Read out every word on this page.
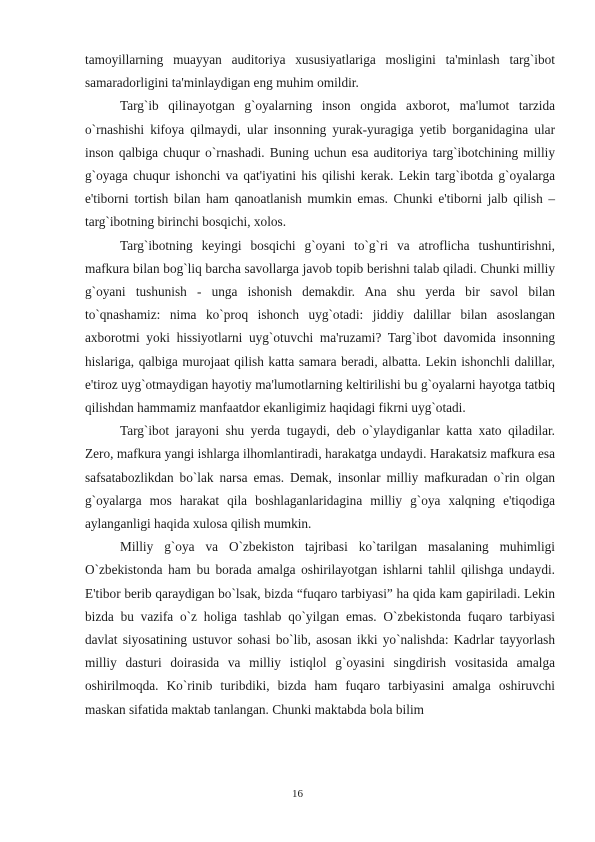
tamoyillarning muayyan auditoriya xususiyatlariga mosligini ta'minlash targ`ibot samaradorligini ta'minlaydigan eng muhim omildir.

Targ`ib qilinayotgan g`oyalarning inson ongida axborot, ma'lumot tarzida o`rnashishi kifoya qilmaydi, ular insonning yurak-yuragiga yetib borganidagina ular inson qalbiga chuqur o`rnashadi. Buning uchun esa auditoriya targ`ibotchining milliy g`oyaga chuqur ishonchi va qat'iyatini his qilishi kerak. Lekin targ`ibotda g`oyalarga e'tiborni tortish bilan ham qanoatlanish mumkin emas. Chunki e'tiborni jalb qilish – targ`ibotning birinchi bosqichi, xolos.

Targ`ibotning keyingi bosqichi g`oyani to`g`ri va atroflicha tushuntirishni, mafkura bilan bog`liq barcha savollarga javob topib berishni talab qiladi. Chunki milliy g`oyani tushunish - unga ishonish demakdir. Ana shu yerda bir savol bilan to`qnashamiz: nima ko`proq ishonch uyg`otadi: jiddiy dalillar bilan asoslangan axborotmi yoki hissiyotlarni uyg`otuvchi ma'ruzami? Targ`ibot davomida insonning hislariga, qalbiga murojaat qilish katta samara beradi, albatta. Lekin ishonchli dalillar, e'tiroz uyg`otmaydigan hayotiy ma'lumotlarning keltirilishi bu g`oyalarni hayotga tatbiq qilishdan hammamiz manfaatdor ekanligimiz haqidagi fikrni uyg`otadi.

Targ`ibot jarayoni shu yerda tugaydi, deb o`ylaydiganlar katta xato qiladilar. Zero, mafkura yangi ishlarga ilhomlantiradi, harakatga undaydi. Harakatsiz mafkura esa safsatabozlikdan bo`lak narsa emas. Demak, insonlar milliy mafkuradan o`rin olgan g`oyalarga mos harakat qila boshlaganlaridagina milliy g`oya xalqning e'tiqodiga aylanganligi haqida xulosa qilish mumkin.

Milliy g`oya va O`zbekiston tajribasi ko`tarilgan masalaning muhimligi O`zbekistonda ham bu borada amalga oshirilayotgan ishlarni tahlil qilishga undaydi. E'tibor berib qaraydigan bo`lsak, bizda “fuqaro tarbiyasi” ha qida kam gapiriladi. Lekin bizda bu vazifa o`z holiga tashlab qo`yilgan emas. O`zbekistonda fuqaro tarbiyasi davlat siyosatining ustuvor sohasi bo`lib, asosan ikki yo`nalishda: Kadrlar tayyorlash milliy dasturi doirasida va milliy istiqlol g`oyasini singdirish vositasida amalga oshirilmoqda. Ko`rinib turibdiki, bizda ham fuqaro tarbiyasini amalga oshiruvchi maskan sifatida maktab tanlangan. Chunki maktabda bola bilim

16
